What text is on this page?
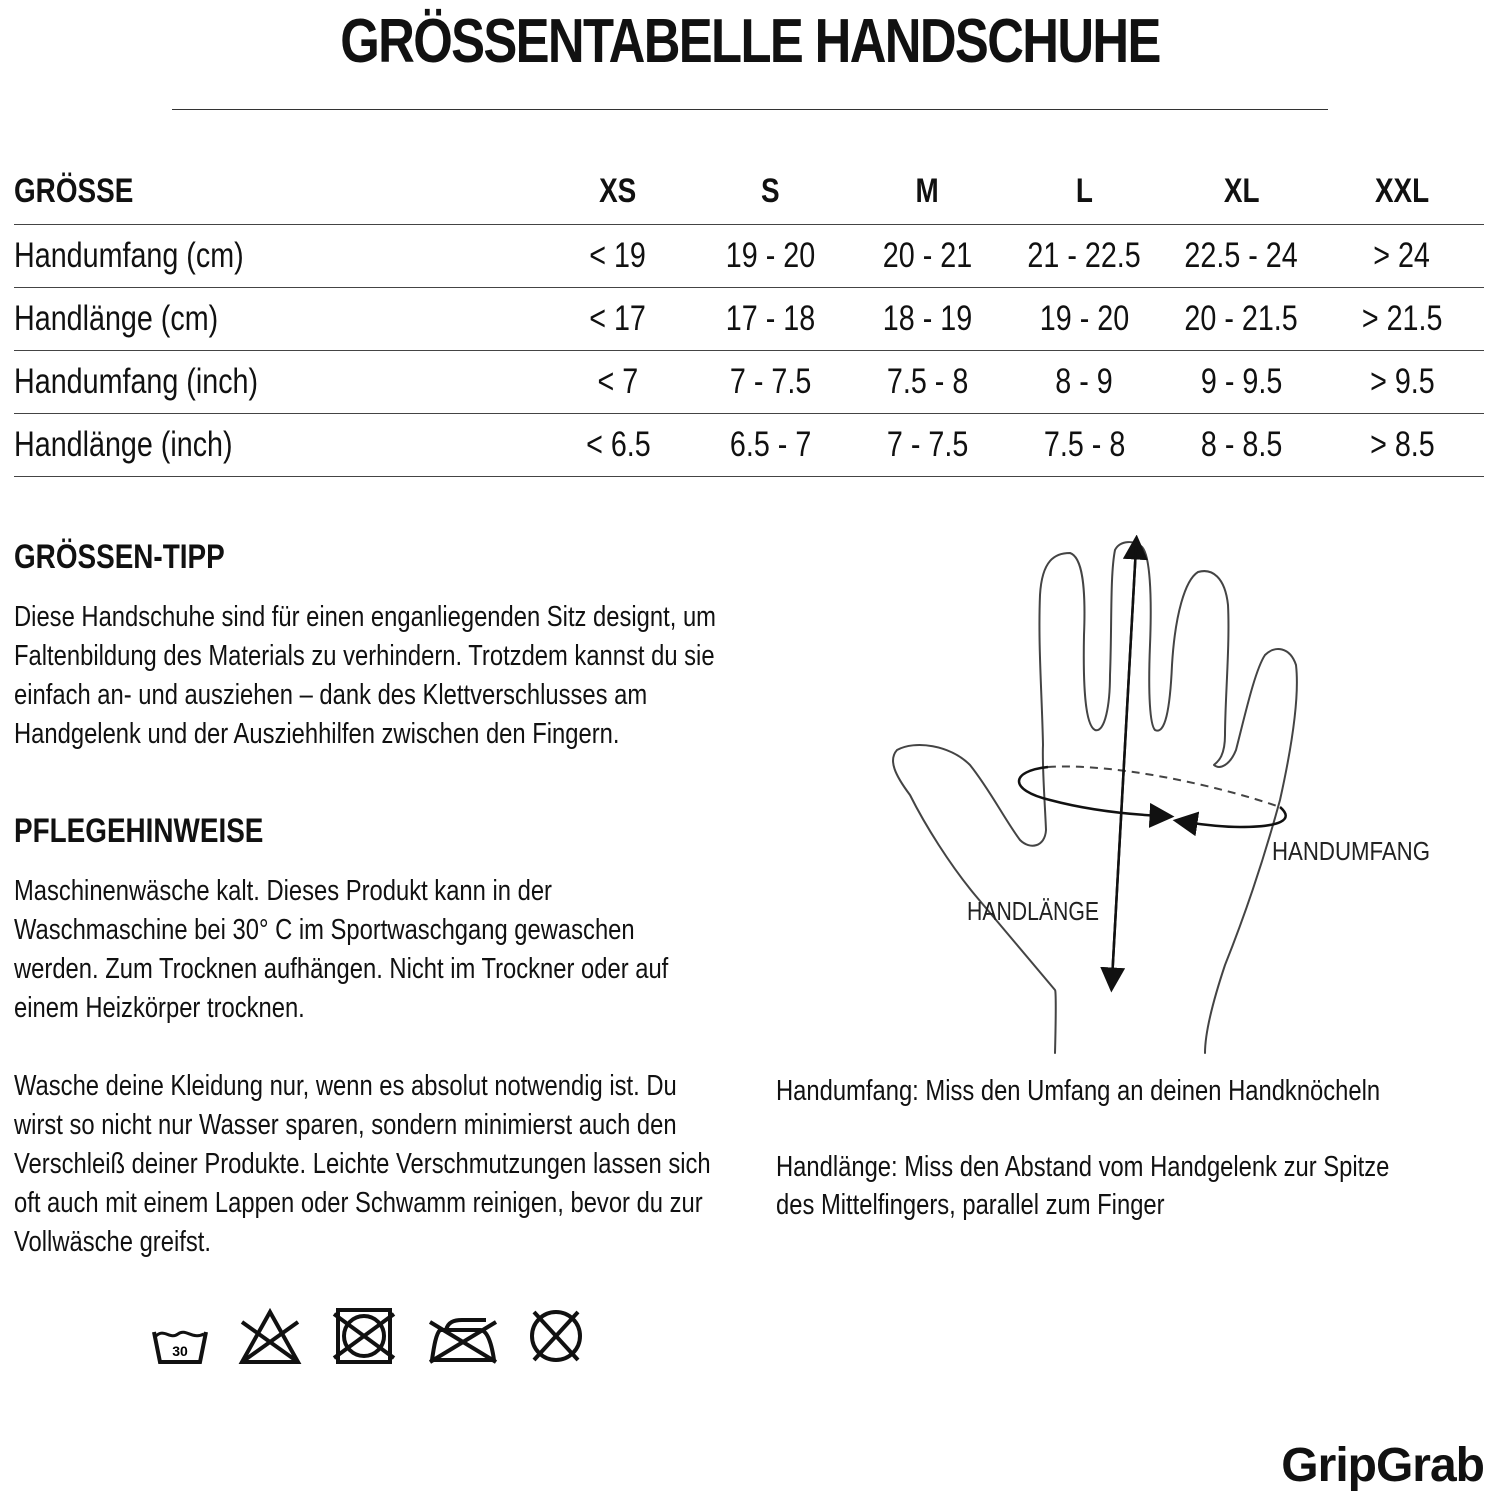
GRÖSSENTABELLE HANDSCHUHE
GRÖSSE	XS	S	M	L	XL	XXL
Handumfang (cm)	< 19	19 - 20	20 - 21	21 - 22.5	22.5 - 24	> 24
Handlänge (cm)	< 17	17 - 18	18 - 19	19 - 20	20 - 21.5	> 21.5
Handumfang (inch)	< 7	7 - 7.5	7.5 - 8	8 - 9	9 - 9.5	> 9.5
Handlänge (inch)	< 6.5	6.5 - 7	7 - 7.5	7.5 - 8	8 - 8.5	> 8.5
GRÖSSEN-TIPP
Diese Handschuhe sind für einen enganliegenden Sitz designt, um Faltenbildung des Materials zu verhindern. Trotzdem kannst du sie einfach an- und ausziehen – dank des Klettverschlusses am Handgelenk und der Ausziehhilfen zwischen den Fingern.
PFLEGEHINWEISE
Maschinenwäsche kalt. Dieses Produkt kann in der Waschmaschine bei 30° C im Sportwaschgang gewaschen werden. Zum Trocknen aufhängen. Nicht im Trockner oder auf einem Heizkörper trocknen.
Wasche deine Kleidung nur, wenn es absolut notwendig ist. Du wirst so nicht nur Wasser sparen, sondern minimierst auch den Verschleiß deiner Produkte. Leichte Verschmutzungen lassen sich oft auch mit einem Lappen oder Schwamm reinigen, bevor du zur Vollwäsche greifst.
HANDLÄNGE
HANDUMFANG
Handumfang: Miss den Umfang an deinen Handknöcheln
Handlänge: Miss den Abstand vom Handgelenk zur Spitze des Mittelfingers, parallel zum Finger
30
GripGrab
